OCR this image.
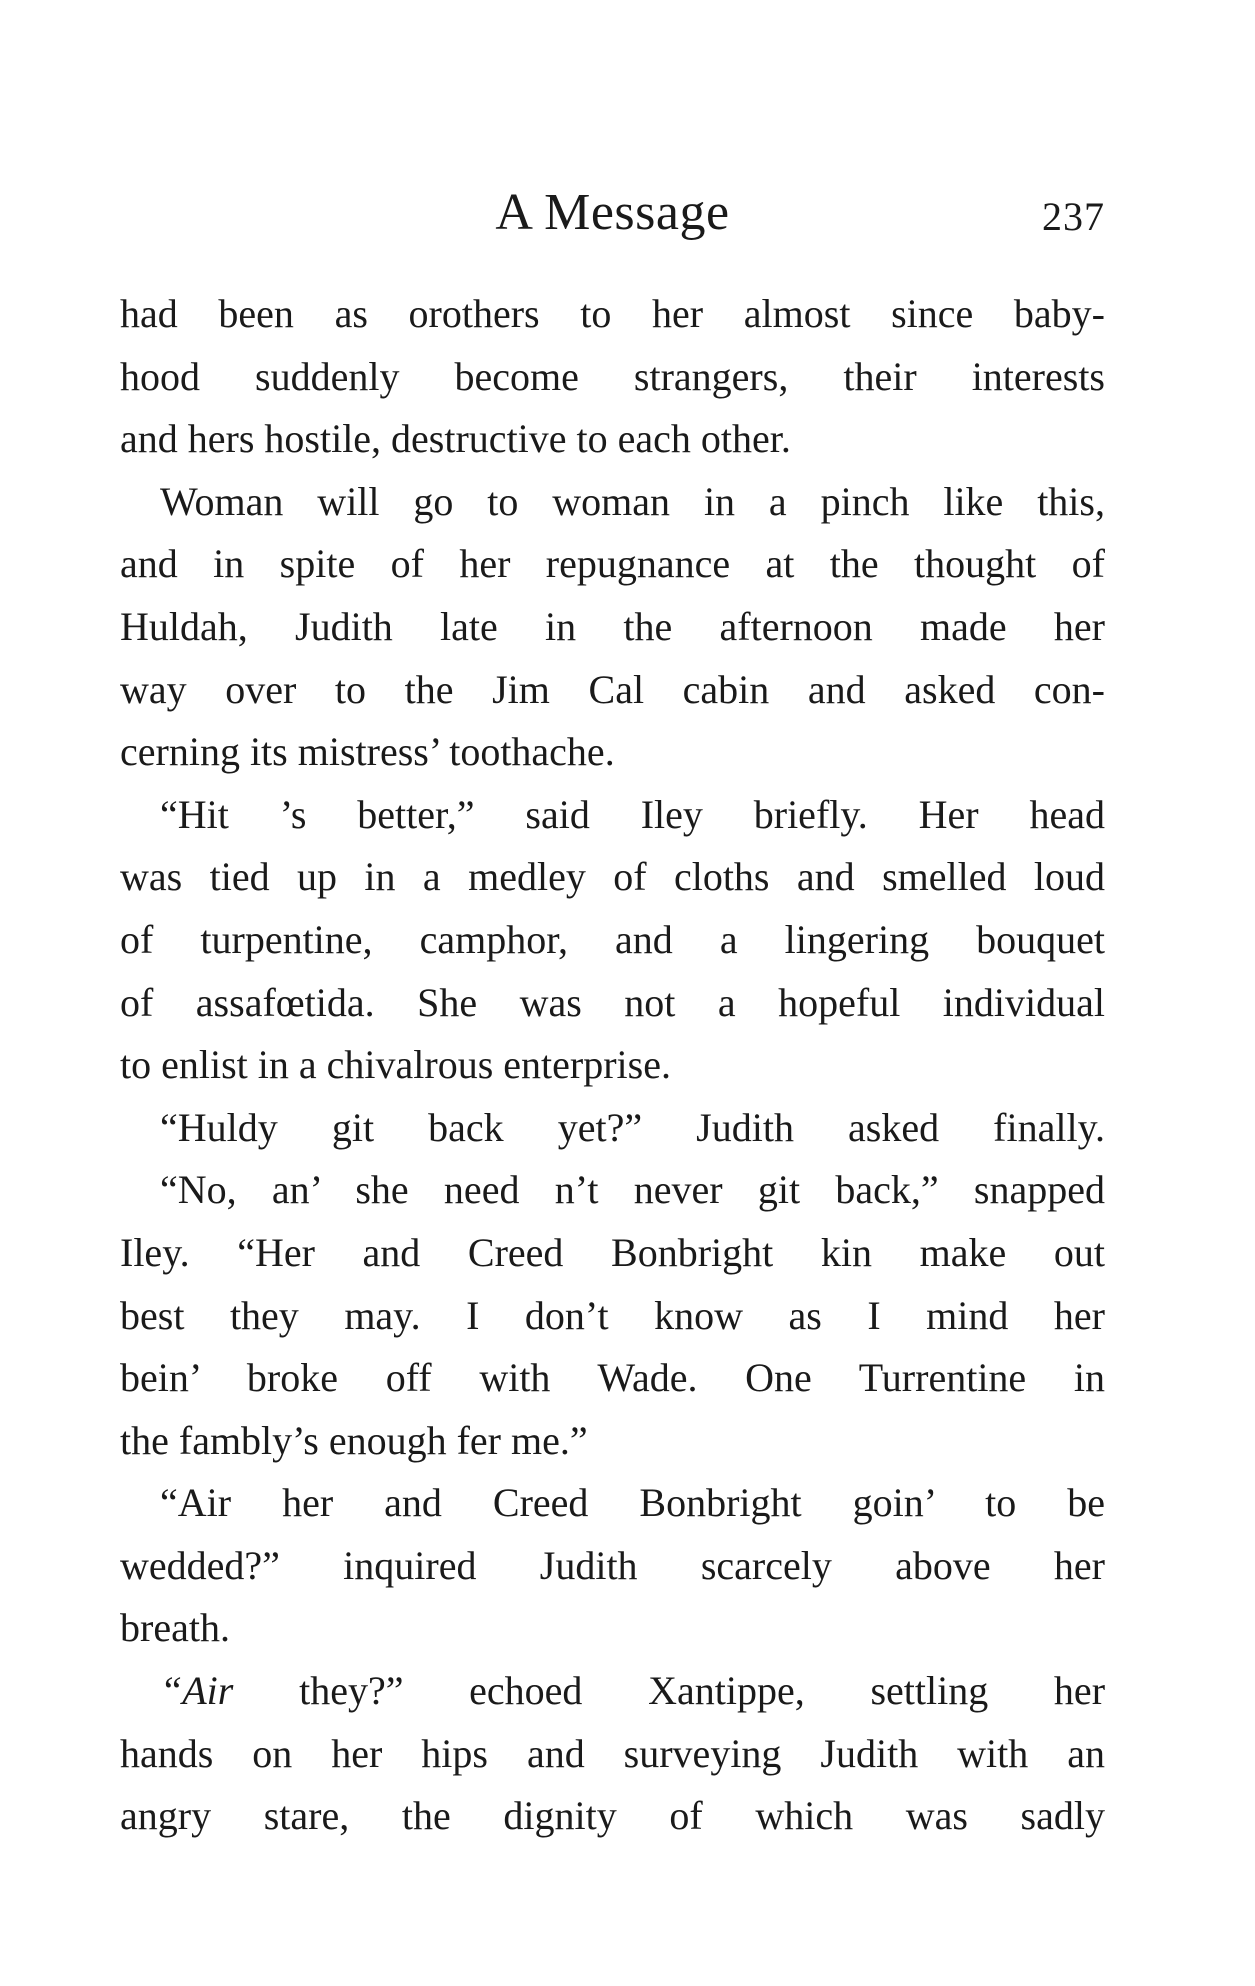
A Message	237
had been as orothers to her almost since baby-
hood suddenly become strangers, their interests
and hers hostile, destructive to each other.
Woman will go to woman in a pinch like this,
and in spite of her repugnance at the thought of
Huldah, Judith late in the afternoon made her
way over to the Jim Cal cabin and asked con-
cerning its mistress’ toothache.
“Hit ’s better,” said Iley briefly. Her head
was tied up in a medley of cloths and smelled loud
of turpentine, camphor, and a lingering bouquet
of assafœtida. She was not a hopeful individual
to enlist in a chivalrous enterprise.
“Huldy git back yet?” Judith asked finally.
“No, an’ she need n’t never git back,” snapped
Iley. “Her and Creed Bonbright kin make out
best they may. I don’t know as I mind her
bein’ broke off with Wade. One Turrentine in
the fambly’s enough fer me.”
“Air her and Creed Bonbright goin’ to be
wedded?” inquired Judith scarcely above her
breath.
“Air they?” echoed Xantippe, settling her
hands on her hips and surveying Judith with an
angry stare, the dignity of which was sadly
